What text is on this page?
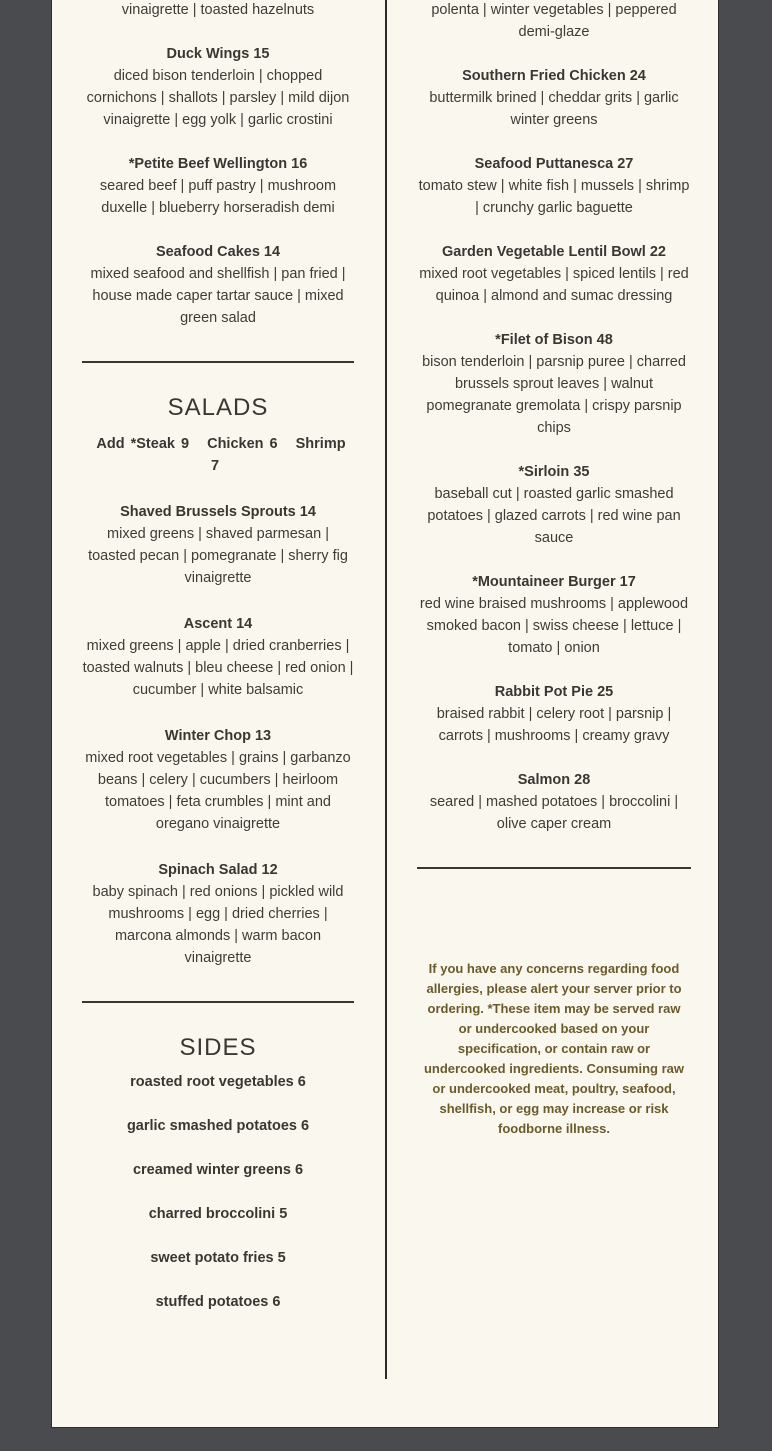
vinaigrette | toasted hazelnuts
Duck Wings 15
diced bison tenderloin | chopped cornichons | shallots | parsley | mild dijon vinaigrette | egg yolk | garlic crostini
*Petite Beef Wellington 16
seared beef | puff pastry | mushroom duxelle | blueberry horseradish demi
Seafood Cakes 14
mixed seafood and shellfish | pan fried | house made caper tartar sauce | mixed green salad
SALADS
Add *Steak 9 Chicken 6 Shrimp 7
Shaved Brussels Sprouts 14
mixed greens | shaved parmesan | toasted pecan | pomegranate | sherry fig vinaigrette
Ascent 14
mixed greens | apple | dried cranberries | toasted walnuts | bleu cheese | red onion | cucumber | white balsamic
Winter Chop 13
mixed root vegetables | grains | garbanzo beans | celery | cucumbers | heirloom tomatoes | feta crumbles | mint and oregano vinaigrette
Spinach Salad 12
baby spinach | red onions | pickled wild mushrooms | egg | dried cherries | marcona almonds | warm bacon vinaigrette
SIDES
roasted root vegetables 6
garlic smashed potatoes 6
creamed winter greens 6
charred broccolini 5
sweet potato fries 5
stuffed potatoes 6
polenta | winter vegetables | peppered demi-glaze
Southern Fried Chicken 24
buttermilk brined | cheddar grits | garlic winter greens
Seafood Puttanesca 27
tomato stew | white fish | mussels | shrimp | crunchy garlic baguette
Garden Vegetable Lentil Bowl 22
mixed root vegetables | spiced lentils | red quinoa | almond and sumac dressing
*Filet of Bison 48
bison tenderloin | parsnip puree | charred brussels sprout leaves | walnut pomegranate gremolata | crispy parsnip chips
*Sirloin 35
baseball cut | roasted garlic smashed potatoes | glazed carrots | red wine pan sauce
*Mountaineer Burger 17
red wine braised mushrooms | applewood smoked bacon | swiss cheese | lettuce | tomato | onion
Rabbit Pot Pie 25
braised rabbit | celery root | parsnip | carrots | mushrooms | creamy gravy
Salmon 28
seared | mashed potatoes | broccolini | olive caper cream
If you have any concerns regarding food allergies, please alert your server prior to ordering. *These item may be served raw or undercooked based on your specification, or contain raw or undercooked ingredients. Consuming raw or undercooked meat, poultry, seafood, shellfish, or egg may increase or risk foodborne illness.
